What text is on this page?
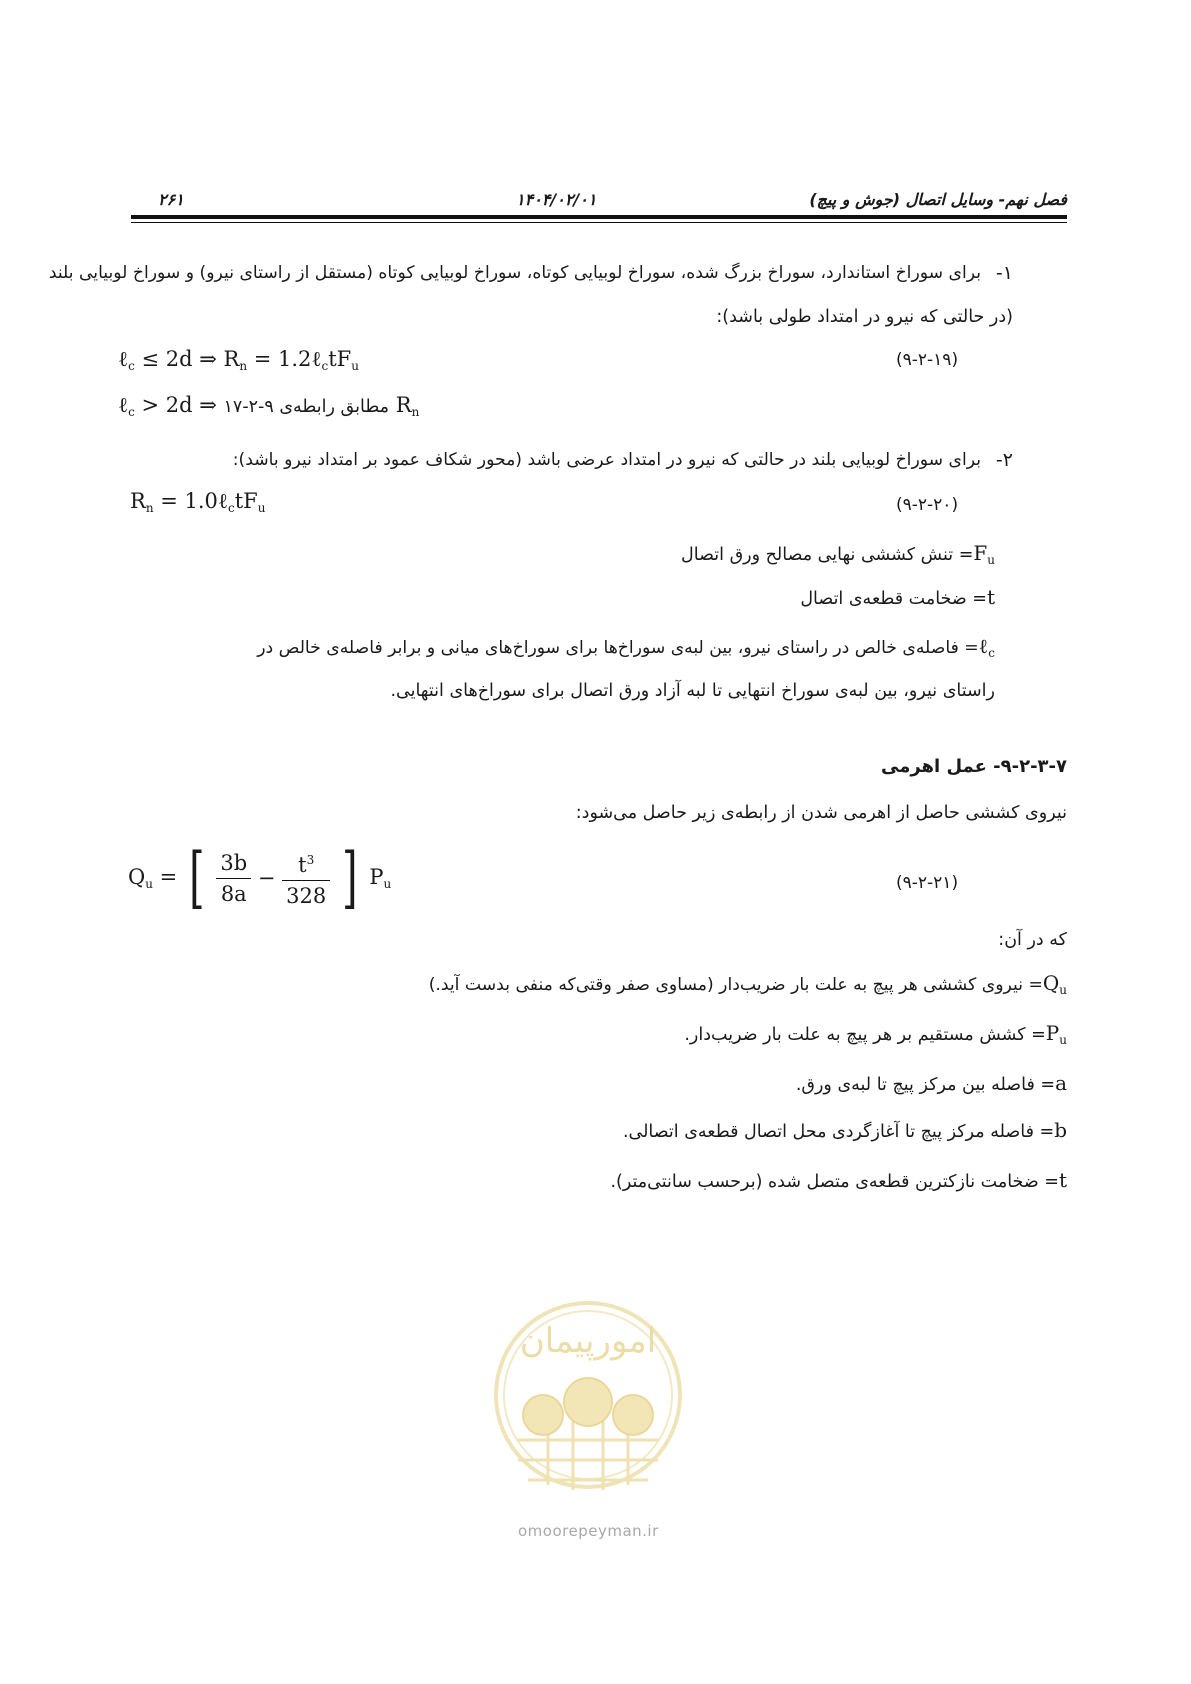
۲۶۱	۱۴۰۴/۰۲/۰۱	فصل نهم- وسایل اتصال (جوش و پیچ)
۱-
برای سوراخ استاندارد، سوراخ بزرگ شده، سوراخ لوبیایی کوتاه، سوراخ لوبیایی کوتاه (مستقل از راستای نیرو) و سوراخ لوبیایی بلند
(در حالتی که نیرو در امتداد طولی باشد):
ℓ$_c$ ≤ 2d ⇒ $R_n$ = $1.2\ell_ctF_u$	(۹-۲-۱۹)
ℓ$_c$ > 2d ⇒ مطابق رابطه‌ی ۹-۲-۱۷ $R_n$
۲-
برای سوراخ لوبیایی بلند در حالتی که نیرو در امتداد عرضی باشد (محور شکاف عمود بر امتداد نیرو باشد):
$R_n$ = $1.0\ell_ctF_u$	(۹-۲-۲۰)
$F_u=$ تنش کششی نهایی مصالح ورق اتصال
t= ضخامت قطعه‌ی اتصال
ℓ$_c$= فاصله‌ی خالص در راستای نیرو، بین لبه‌ی سوراخ‌ها برای سوراخ‌های میانی و برابر فاصله‌ی خالص در
راستای نیرو، بین لبه‌ی سوراخ انتهایی تا لبه آزاد ورق اتصال برای سوراخ‌های انتهایی.
۹-۲-۳-۷- عمل اهرمی
نیروی کششی حاصل از اهرمی شدن از رابطه‌ی زیر حاصل می‌شود:
$Q_u$ = [ $\frac{3b}{8a} - \frac{t^3}{328}$ ] $P_u$	(۹-۲-۲۱)
که در آن:
$Q_u=$ نیروی کششی هر پیچ به علت بار ضریب‌دار (مساوی صفر وقتی‌که منفی بدست آید.)
$P_u=$ کشش مستقیم بر هر پیچ به علت بار ضریب‌دار.
a= فاصله بین مرکز پیچ تا لبه‌ی ورق.
b= فاصله مرکز پیچ تا آغازگردی محل اتصال قطعه‌ی اتصالی.
t= ضخامت نازکترین قطعه‌ی متصل شده (برحسب سانتی‌متر).
امورپیمان
omoorepeyman.ir
